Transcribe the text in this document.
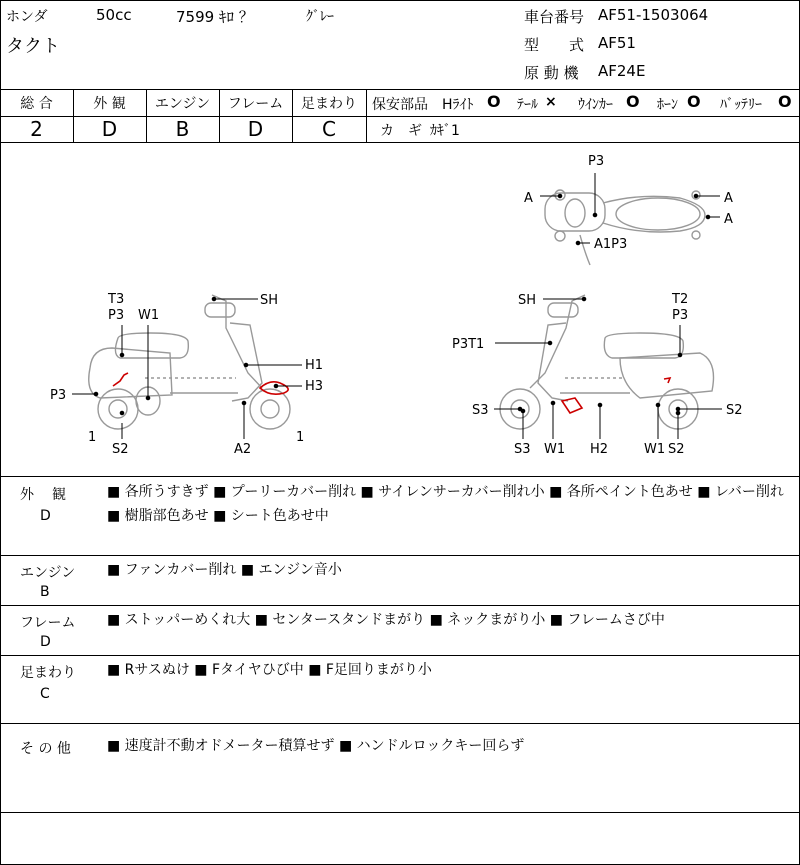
ホンダ
タクト
50cc	7599 ｷﾛ ？	ｸﾞﾚｰ	車台番号 AF51-1503064
型　　式 AF51
原 動 機 AF24E
総 合	外 観	エンジン	フレーム	足まわり
2	D	B	D	C
保安部品 Hﾗｲﾄ O ﾃｰﾙ × ｳｲﾝｶｰ O ﾎｰﾝ O ﾊﾞｯﾃﾘｰ O
カ　ギ ｶｷﾞ1
P3
A	A
A
A1P3
T3
P3 W1
SH
H1
H3
P3
1
S2	A2
1
SH	T2
P3
P3T1
S3	S2
S3 W1 H2	W1 S2
外　観
D
■ 各所うすきず ■ プーリーカバー削れ ■ サイレンサーカバー削れ小 ■ 各所ペイント色あせ ■ レバー削れ ■ 樹脂部色あせ ■ シート色あせ中
エンジン
B
■ ファンカバー削れ ■ エンジン音小
フレーム
D
■ ストッパーめくれ大 ■ センタースタンドまがり ■ ネックまがり小 ■ フレームさび中
足まわり
C
■ Rサスぬけ ■ Fタイヤひび中 ■ F足回りまがり小
そ の 他	■ 速度計不動オドメーター積算せず ■ ハンドルロックキー回らず
